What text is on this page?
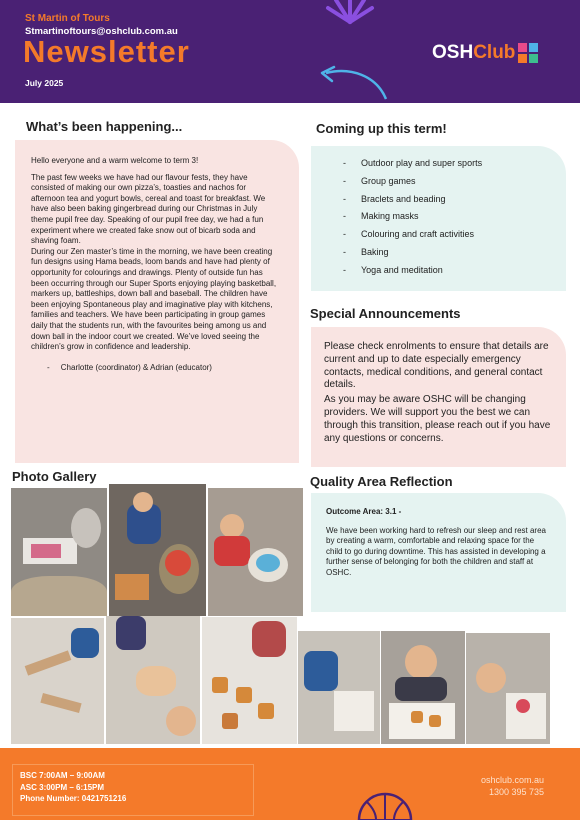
St Martin of Tours
Stmartinoftours@oshclub.com.au
Newsletter
July 2025
OSHClub
What’s been happening...

Hello everyone and a warm welcome to term 3!

The past few weeks we have had our flavour fests, they have consisted of making our own pizza’s, toasties and nachos for afternoon tea and yogurt bowls, cereal and toast for breakfast. We have also been baking gingerbread during our Christmas in July theme pupil free day. Speaking of our pupil free day, we had a fun experiment where we created fake snow out of bicarb soda and shaving foam.

During our Zen master’s time in the morning, we have been creating fun designs using Hama beads, loom bands and have had plenty of opportunity for colourings and drawings. Plenty of outside fun has been occurring through our Super Sports enjoying playing basketball, markers up, battleships, down ball and baseball. The children have been enjoying Spontaneous play and imaginative play with kitchens, families and teachers. We have been participating in group games daily that the students run, with the favourites being among us and down ball in the indoor court we created. We’ve loved seeing the children’s grow in confidence and leadership.

-     Charlotte (coordinator) & Adrian (educator)
Coming up this term!
-	Outdoor play and super sports
-	Group games
-	Braclets and beading
-	Making masks
-	Colouring and craft activities
-	Baking
-	Yoga and meditation
Special Announcements

Please check enrolments to ensure that details are current and up to date especially emergency contacts, medical conditions, and general contact details.

As you may be aware OSHC will be changing providers. We will support you the best we can through this transition, please reach out if you have any questions or concerns.

Quality Area Reflection
Outcome Area: 3.1 -
We have been working hard to refresh our sleep and rest area by creating a warm, comfortable and relaxing space for the child to go during downtime. This has assisted in developing a further sense of belonging for both the children and staff at OSHC.
Photo Gallery
BSC 7:00AM – 9:00AM
ASC 3:00PM – 6:15PM
Phone Number: 0421751216
oshclub.com.au
1300 395 735
